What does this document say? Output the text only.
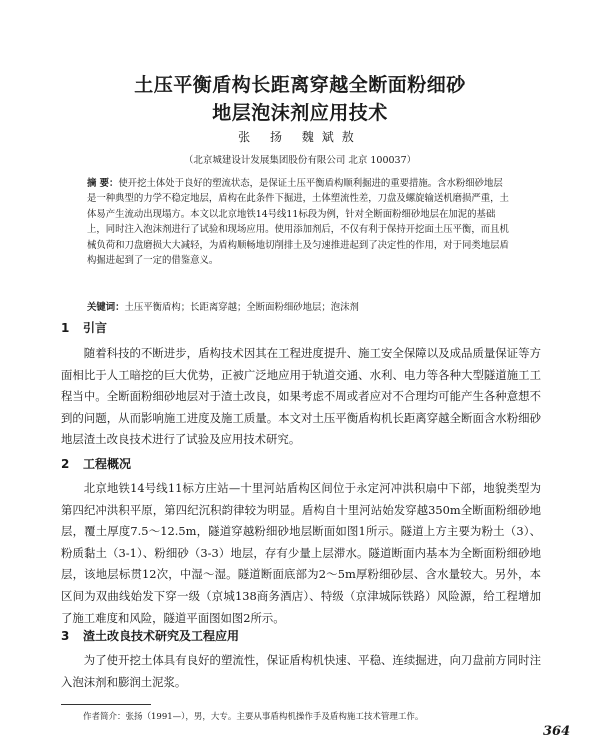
土压平衡盾构长距离穿越全断面粉细砂
地层泡沫剂应用技术
张 扬 魏斌敖
（北京城建设计发展集团股份有限公司 北京 100037）
摘 要：使开挖土体处于良好的塑流状态，是保证土压平衡盾构顺利掘进的重要措施。含水粉细砂地层是一种典型的力学不稳定地层，盾构在此条件下掘进，土体塑流性差，刀盘及螺旋输送机磨损严重，土体易产生流动出现塌方。本文以北京地铁14号线11标段为例，针对全断面粉细砂地层在加泥的基础上，同时注入泡沫剂进行了试验和现场应用。使用添加剂后，不仅有利于保持开挖面土压平衡，而且机械负荷和刀盘磨损大大减轻，为盾构顺畅地切削排土及匀速推进起到了决定性的作用，对于同类地层盾构掘进起到了一定的借鉴意义。
关键词：土压平衡盾构；长距离穿越；全断面粉细砂地层；泡沫剂
1 引言
随着科技的不断进步，盾构技术因其在工程进度提升、施工安全保障以及成品质量保证等方面相比于人工暗挖的巨大优势，正被广泛地应用于轨道交通、水利、电力等各种大型隧道施工工程当中。全断面粉细砂地层对于渣土改良，如果考虑不周或者应对不合理均可能产生各种意想不到的问题，从而影响施工进度及施工质量。本文对土压平衡盾构机长距离穿越全断面含水粉细砂地层渣土改良技术进行了试验及应用技术研究。
2 工程概况
北京地铁14号线11标方庄站—十里河站盾构区间位于永定河冲洪积扇中下部，地貌类型为第四纪冲洪积平原，第四纪沉积韵律较为明显。盾构自十里河站始发穿越350m全断面粉细砂地层，覆土厚度7.5～12.5m，隧道穿越粉细砂地层断面如图1所示。隧道上方主要为粉土（3）、粉质黏土（3-1）、粉细砂（3-3）地层，存有少量上层滞水。隧道断面内基本为全断面粉细砂地层，该地层标贯12次，中湿～湿。隧道断面底部为2～5m厚粉细砂层、含水量较大。另外，本区间为双曲线始发下穿一级（京城138商务酒店）、特级（京津城际铁路）风险源，给工程增加了施工难度和风险，隧道平面图如图2所示。
3 渣土改良技术研究及工程应用
为了使开挖土体具有良好的塑流性，保证盾构机快速、平稳、连续掘进，向刀盘前方同时注入泡沫剂和膨润土泥浆。
作者简介：张扬（1991—），男，大专。主要从事盾构机操作手及盾构施工技术管理工作。
364
